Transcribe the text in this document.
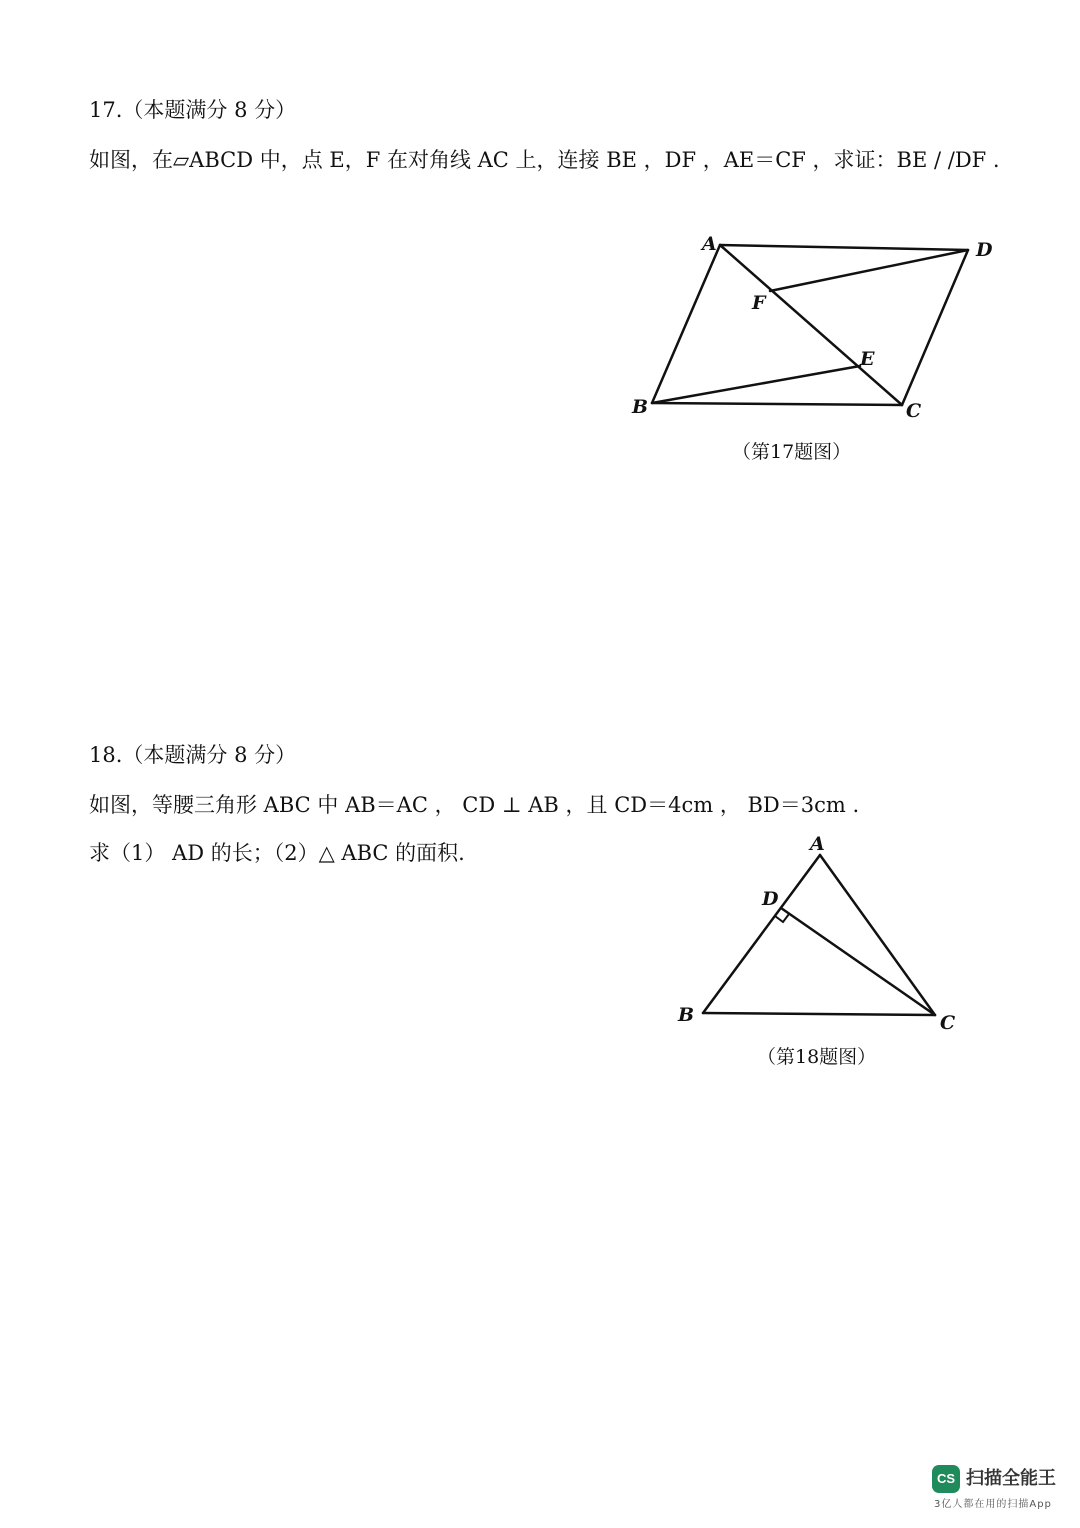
17.（本题满分 8 分）
如图，在▱ABCD 中，点 E，F 在对角线 AC 上，连接 BE ，DF ，AE＝CF ，求证：BE / /DF .
A	D
C
B
E
F
（第17题图）
18.（本题满分 8 分）
如图，等腰三角形 ABC 中 AB＝AC ， CD ⊥ AB ，且 CD＝4cm ， BD＝3cm .
求（1） AD 的长；（2）△ ABC 的面积.	A
D
B	C
（第18题图）
CS 扫描全能王
3亿人都在用的扫描App
